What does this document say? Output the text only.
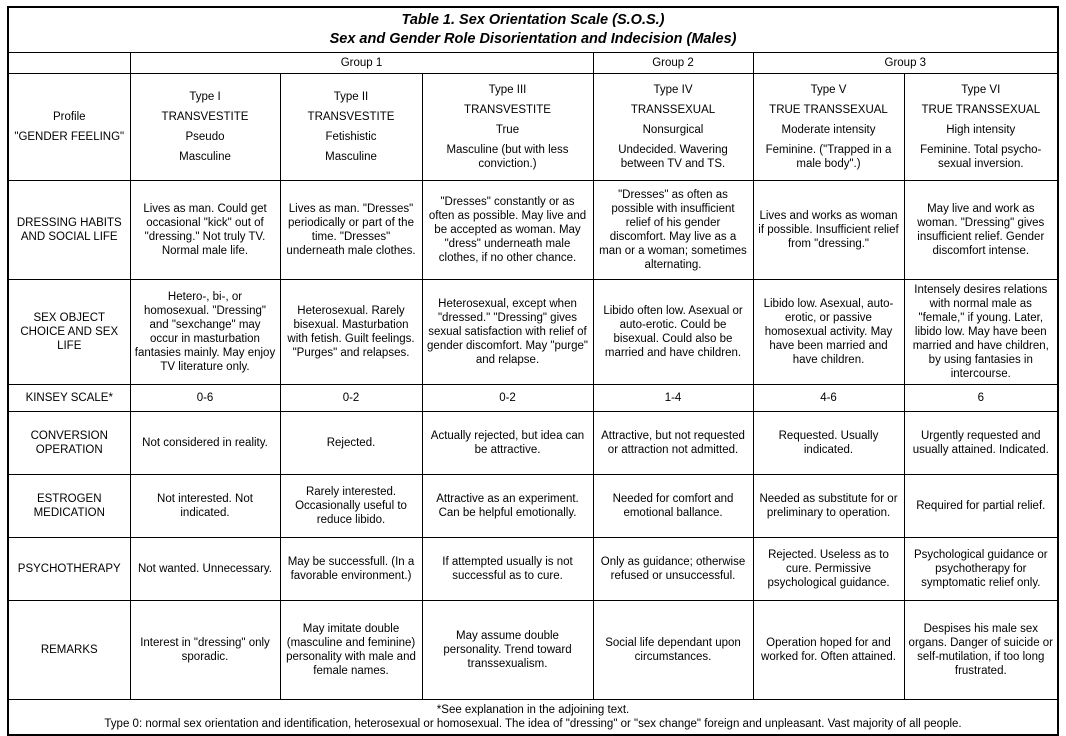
Table 1. Sex Orientation Scale (S.O.S.)
Sex and Gender Role Disorientation and Indecision (Males)						

	Group 1			Group 2	Group 3	

Profile
"GENDER FEELING"	Type I
TRANSVESTITE
Pseudo
Masculine	Type II
TRANSVESTITE
Fetishistic
Masculine	Type III
TRANSVESTITE
True
Masculine (but with less conviction.)	Type IV
TRANSSEXUAL
Nonsurgical
Undecided. Wavering between TV and TS.	Type V
TRUE TRANSSEXUAL
Moderate intensity
Feminine. ("Trapped in a male body".)	Type VI
TRUE TRANSSEXUAL
High intensity
Feminine. Total psycho-sexual inversion.

DRESSING HABITS AND SOCIAL LIFE	Lives as man. Could get occasional "kick" out of "dressing." Not truly TV. Normal male life.	Lives as man. "Dresses" periodically or part of the time. "Dresses" underneath male clothes.	"Dresses" constantly or as often as possible. May live and be accepted as woman. May "dress" underneath male clothes, if no other chance.	"Dresses" as often as possible with insufficient relief of his gender discomfort. May live as a man or a woman; sometimes alternating.	Lives and works as woman if possible. Insufficient relief from "dressing."	May live and work as woman. "Dressing" gives insufficient relief. Gender discomfort intense.
SEX OBJECT CHOICE AND SEX LIFE	Hetero-, bi-, or homosexual. "Dressing" and "sexchange" may occur in masturbation fantasies mainly. May enjoy TV literature only.	Heterosexual. Rarely bisexual. Masturbation with fetish. Guilt feelings. "Purges" and relapses.	Heterosexual, except when "dressed." "Dressing" gives sexual satisfaction with relief of gender discomfort. May "purge" and relapse.	Libido often low. Asexual or auto-erotic. Could be bisexual. Could also be married and have children.	Libido low. Asexual, auto-erotic, or passive homosexual activity. May have been married and have children.	Intensely desires relations with normal male as "female," if young. Later, libido low. May have been married and have children, by using fantasies in intercourse.
KINSEY SCALE*	0-6	0-2	0-2	1-4	4-6	6
CONVERSION OPERATION	Not considered in reality.	Rejected.	Actually rejected, but idea can be attractive.	Attractive, but not requested or attraction not admitted.	Requested. Usually indicated.	Urgently requested and usually attained. Indicated.
ESTROGEN MEDICATION	Not interested. Not indicated.	Rarely interested. Occasionally useful to reduce libido.	Attractive as an experiment. Can be helpful emotionally.	Needed for comfort and emotional ballance.	Needed as substitute for or preliminary to operation.	Required for partial relief.
PSYCHOTHERAPY	Not wanted. Unnecessary.	May be successfull. (In a favorable environment.)	If attempted usually is not successful as to cure.	Only as guidance; otherwise refused or unsuccessful.	Rejected. Useless as to cure. Permissive psychological guidance.	Psychological guidance or psychotherapy for symptomatic relief only.
REMARKS	Interest in "dressing" only sporadic.	May imitate double (masculine and feminine) personality with male and female names.	May assume double personality. Trend toward transsexualism.	Social life dependant upon circumstances.	Operation hoped for and worked for. Often attained.	Despises his male sex organs. Danger of suicide or self-mutilation, if too long frustrated.

*See explanation in the adjoining text.
Type 0: normal sex orientation and identification, heterosexual or homosexual. The idea of "dressing" or "sex change" foreign and unpleasant. Vast majority of all people.						
